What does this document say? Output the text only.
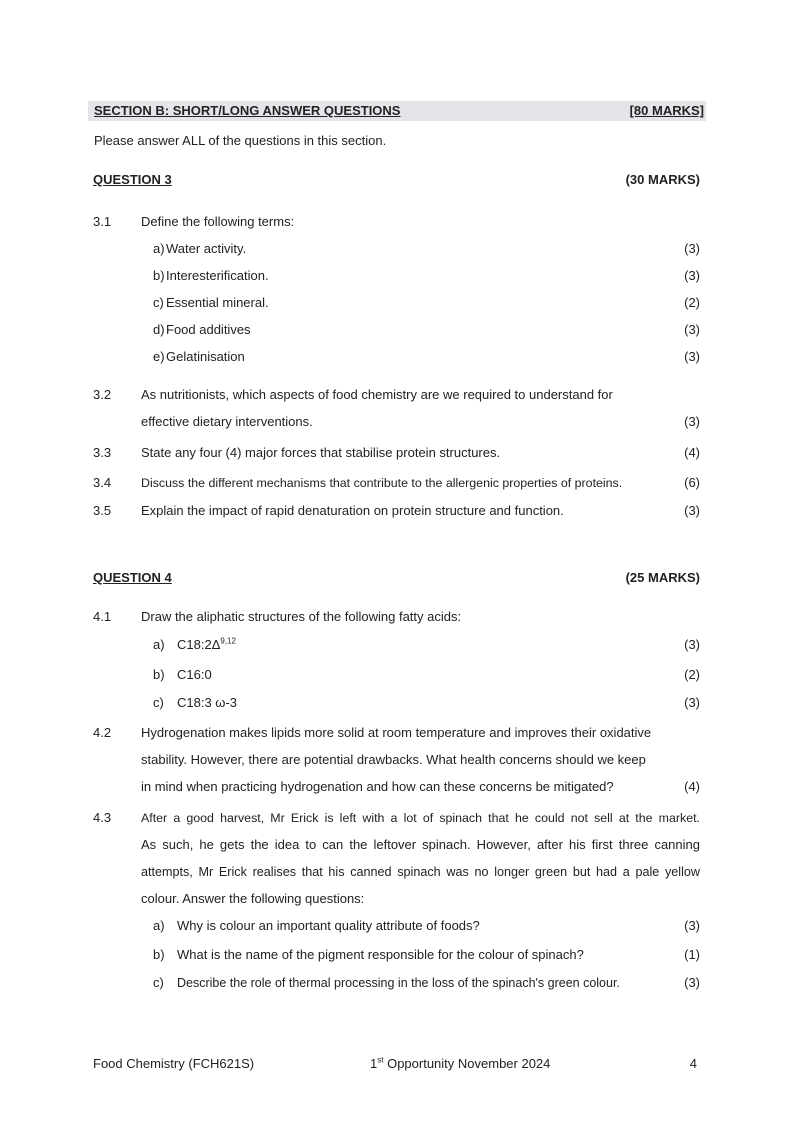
SECTION B: SHORT/LONG ANSWER QUESTIONS	[80 MARKS]
Please answer ALL of the questions in this section.
QUESTION 3	(30 MARKS)
3.1 Define the following terms:
a) Water activity.	(3)
b) Interesterification.	(3)
c) Essential mineral.	(2)
d) Food additives	(3)
e) Gelatinisation	(3)
3.2 As nutritionists, which aspects of food chemistry are we required to understand for
effective dietary interventions.	(3)
3.3 State any four (4) major forces that stabilise protein structures.	(4)
3.4 Discuss the different mechanisms that contribute to the allergenic properties of proteins.	(6)
3.5 Explain the impact of rapid denaturation on protein structure and function.	(3)
QUESTION 4	(25 MARKS)
4.1 Draw the aliphatic structures of the following fatty acids:
a) $C18:2\Delta^{9,12}$	(3)
b) C16:0	(2)
c) C18:3 ω-3	(3)
4.2 Hydrogenation makes lipids more solid at room temperature and improves their oxidative
stability. However, there are potential drawbacks. What health concerns should we keep
in mind when practicing hydrogenation and how can these concerns be mitigated?	(4)
4.3 After a good harvest, Mr Erick is left with a lot of spinach that he could not sell at the market.
As such, he gets the idea to can the leftover spinach. However, after his first three canning
attempts, Mr Erick realises that his canned spinach was no longer green but had a pale yellow
colour. Answer the following questions:
a) Why is colour an important quality attribute of foods?	(3)
b) What is the name of the pigment responsible for the colour of spinach?	(1)
c) Describe the role of thermal processing in the loss of the spinach's green colour.	(3)
Food Chemistry (FCH621S)	1st Opportunity November 2024	4
